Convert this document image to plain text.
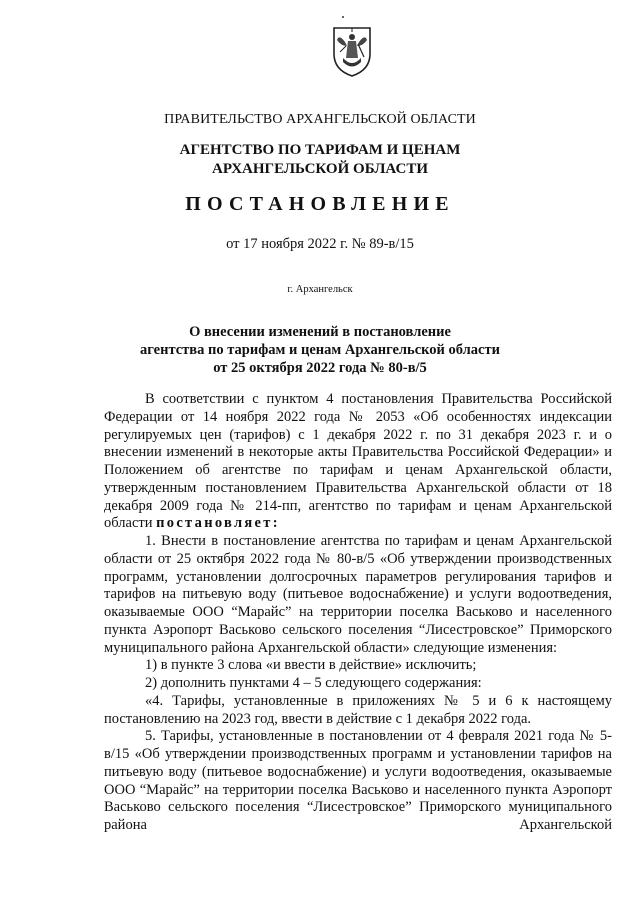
ПРАВИТЕЛЬСТВО АРХАНГЕЛЬСКОЙ ОБЛАСТИ
АГЕНТСТВО ПО ТАРИФАМ И ЦЕНАМ
АРХАНГЕЛЬСКОЙ ОБЛАСТИ
ПОСТАНОВЛЕНИЕ
от 17 ноября 2022 г. № 89-в/15
г. Архангельск
О внесении изменений в постановление
агентства по тарифам и ценам Архангельской области
от 25 октября 2022 года № 80-в/5

В соответствии с пунктом 4 постановления Правительства Российской Федерации от 14 ноября 2022 года № 2053 «Об особенностях индексации регулируемых цен (тарифов) с 1 декабря 2022 г. по 31 декабря 2023 г. и о внесении изменений в некоторые акты Правительства Российской Федерации» и Положением об агентстве по тарифам и ценам Архангельской области, утвержденным постановлением Правительства Архангельской области от 18 декабря 2009 года № 214-пп, агентство по тарифам и ценам Архангельской области постановляет:

1. Внести в постановление агентства по тарифам и ценам Архангельской области от 25 октября 2022 года № 80-в/5 «Об утверждении производственных программ, установлении долгосрочных параметров регулирования тарифов и тарифов на питьевую воду (питьевое водоснабжение) и услуги водоотведения, оказываемые ООО “Марайс” на территории поселка Васьково и населенного пункта Аэропорт Васьково сельского поселения “Лисестровское” Приморского муниципального района Архангельской области» следующие изменения:

1) в пункте 3 слова «и ввести в действие» исключить;

2) дополнить пунктами 4 – 5 следующего содержания:

«4. Тарифы, установленные в приложениях № 5 и 6 к настоящему постановлению на 2023 год, ввести в действие с 1 декабря 2022 года.

5. Тарифы, установленные в постановлении от 4 февраля 2021 года № 5-в/15 «Об утверждении производственных программ и установлении тарифов на питьевую воду (питьевое водоснабжение) и услуги водоотведения, оказываемые ООО “Марайс” на территории поселка Васьково и населенного пункта Аэропорт Васьково сельского поселения “Лисестровское” Приморского муниципального района Архангельской
